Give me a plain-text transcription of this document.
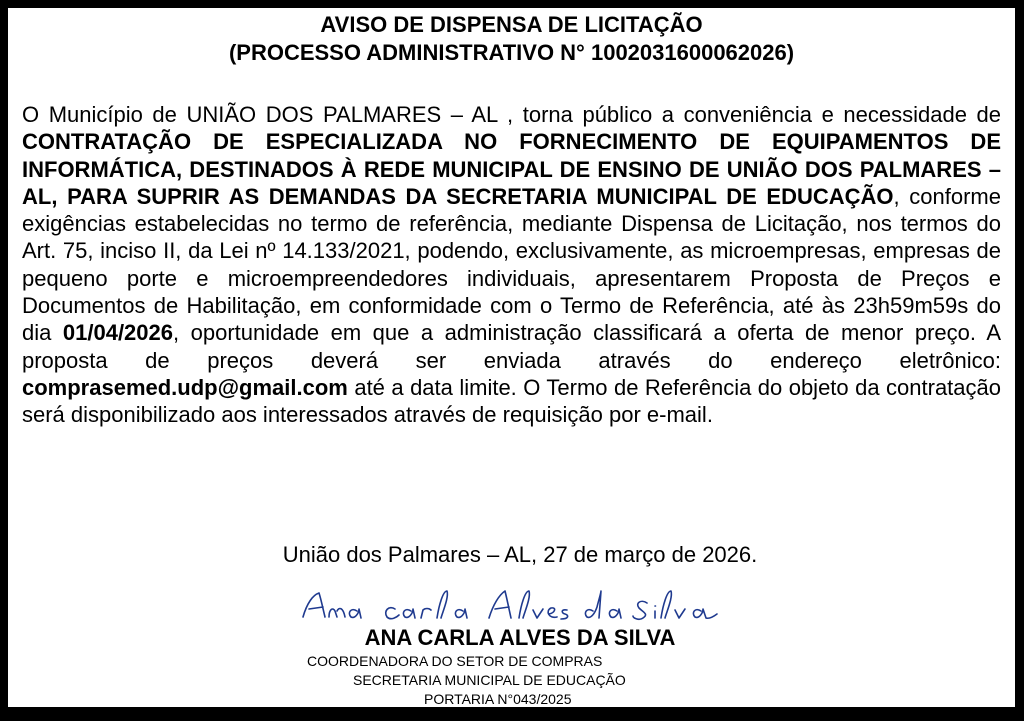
AVISO DE DISPENSA DE LICITAÇÃO
(PROCESSO ADMINISTRATIVO N° 1002031600062026)

O Município de UNIÃO DOS PALMARES – AL , torna público a conveniência e necessidade de CONTRATAÇÃO DE ESPECIALIZADA NO FORNECIMENTO DE EQUIPAMENTOS DE INFORMÁTICA, DESTINADOS À REDE MUNICIPAL DE ENSINO DE UNIÃO DOS PALMARES – AL, PARA SUPRIR AS DEMANDAS DA SECRETARIA MUNICIPAL DE EDUCAÇÃO, conforme exigências estabelecidas no termo de referência, mediante Dispensa de Licitação, nos termos do Art. 75, inciso II, da Lei nº 14.133/2021, podendo, exclusivamente, as microempresas, empresas de pequeno porte e microempreendedores individuais, apresentarem Proposta de Preços e Documentos de Habilitação, em conformidade com o Termo de Referência, até às 23h59m59s do dia 01/04/2026, oportunidade em que a administração classificará a oferta de menor preço. A proposta de preços deverá ser enviada através do endereço eletrônico: comprasemed.udp@gmail.com até a data limite. O Termo de Referência do objeto da contratação será disponibilizado aos interessados através de requisição por e-mail.

União dos Palmares – AL, 27 de março de 2026.

ANA CARLA ALVES DA SILVA

COORDENADORA DO SETOR DE COMPRAS

SECRETARIA MUNICIPAL DE EDUCAÇÃO

PORTARIA N°043/2025
